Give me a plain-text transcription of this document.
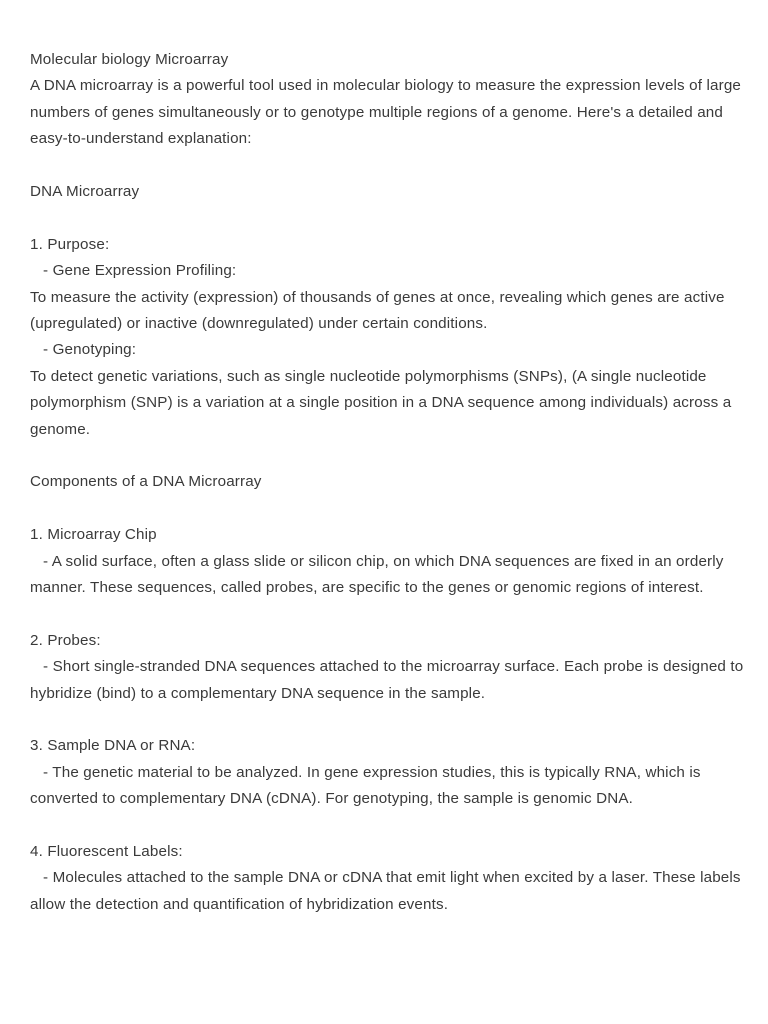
Molecular biology Microarray

A DNA microarray is a powerful tool used in molecular biology to measure the expression levels of large numbers of genes simultaneously or to genotype multiple regions of a genome. Here's a detailed and easy-to-understand explanation:

DNA Microarray

1. Purpose:

- Gene Expression Profiling:

To measure the activity (expression) of thousands of genes at once, revealing which genes are active (upregulated) or inactive (downregulated) under certain conditions.

- Genotyping:

To detect genetic variations, such as single nucleotide polymorphisms (SNPs), (A single nucleotide polymorphism (SNP) is a variation at a single position in a DNA sequence among individuals) across a genome.

Components of a DNA Microarray

1. Microarray Chip

- A solid surface, often a glass slide or silicon chip, on which DNA sequences are fixed in an orderly manner. These sequences, called probes, are specific to the genes or genomic regions of interest.

2. Probes:

- Short single-stranded DNA sequences attached to the microarray surface. Each probe is designed to hybridize (bind) to a complementary DNA sequence in the sample.

3. Sample DNA or RNA:

- The genetic material to be analyzed. In gene expression studies, this is typically RNA, which is converted to complementary DNA (cDNA). For genotyping, the sample is genomic DNA.

4. Fluorescent Labels:

- Molecules attached to the sample DNA or cDNA that emit light when excited by a laser. These labels allow the detection and quantification of hybridization events.
